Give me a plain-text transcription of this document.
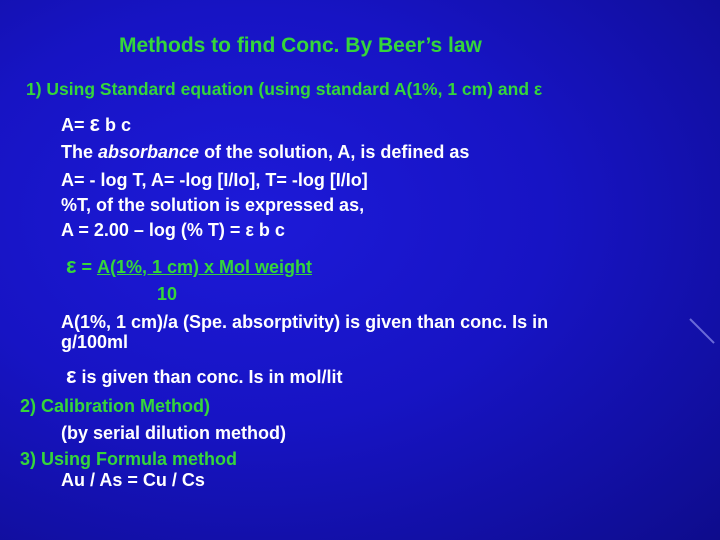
Methods to find Conc. By Beer’s law
1) Using Standard equation (using standard A(1%, 1 cm) and ε
A= ε b c
The absorbance of the solution, A, is defined as
A= - log T, A= -log [I/Io], T= -log [I/Io]
%T, of the solution is expressed as,
A = 2.00 – log (% T) = ε b c
ε = A(1%, 1 cm) x Mol weight
10
A(1%, 1 cm)/a (Spe. absorptivity) is given than conc. Is in
g/100ml
ε is given than conc. Is in mol/lit
2) Calibration Method)
(by serial dilution method)
3) Using Formula method
Au / As = Cu / Cs
